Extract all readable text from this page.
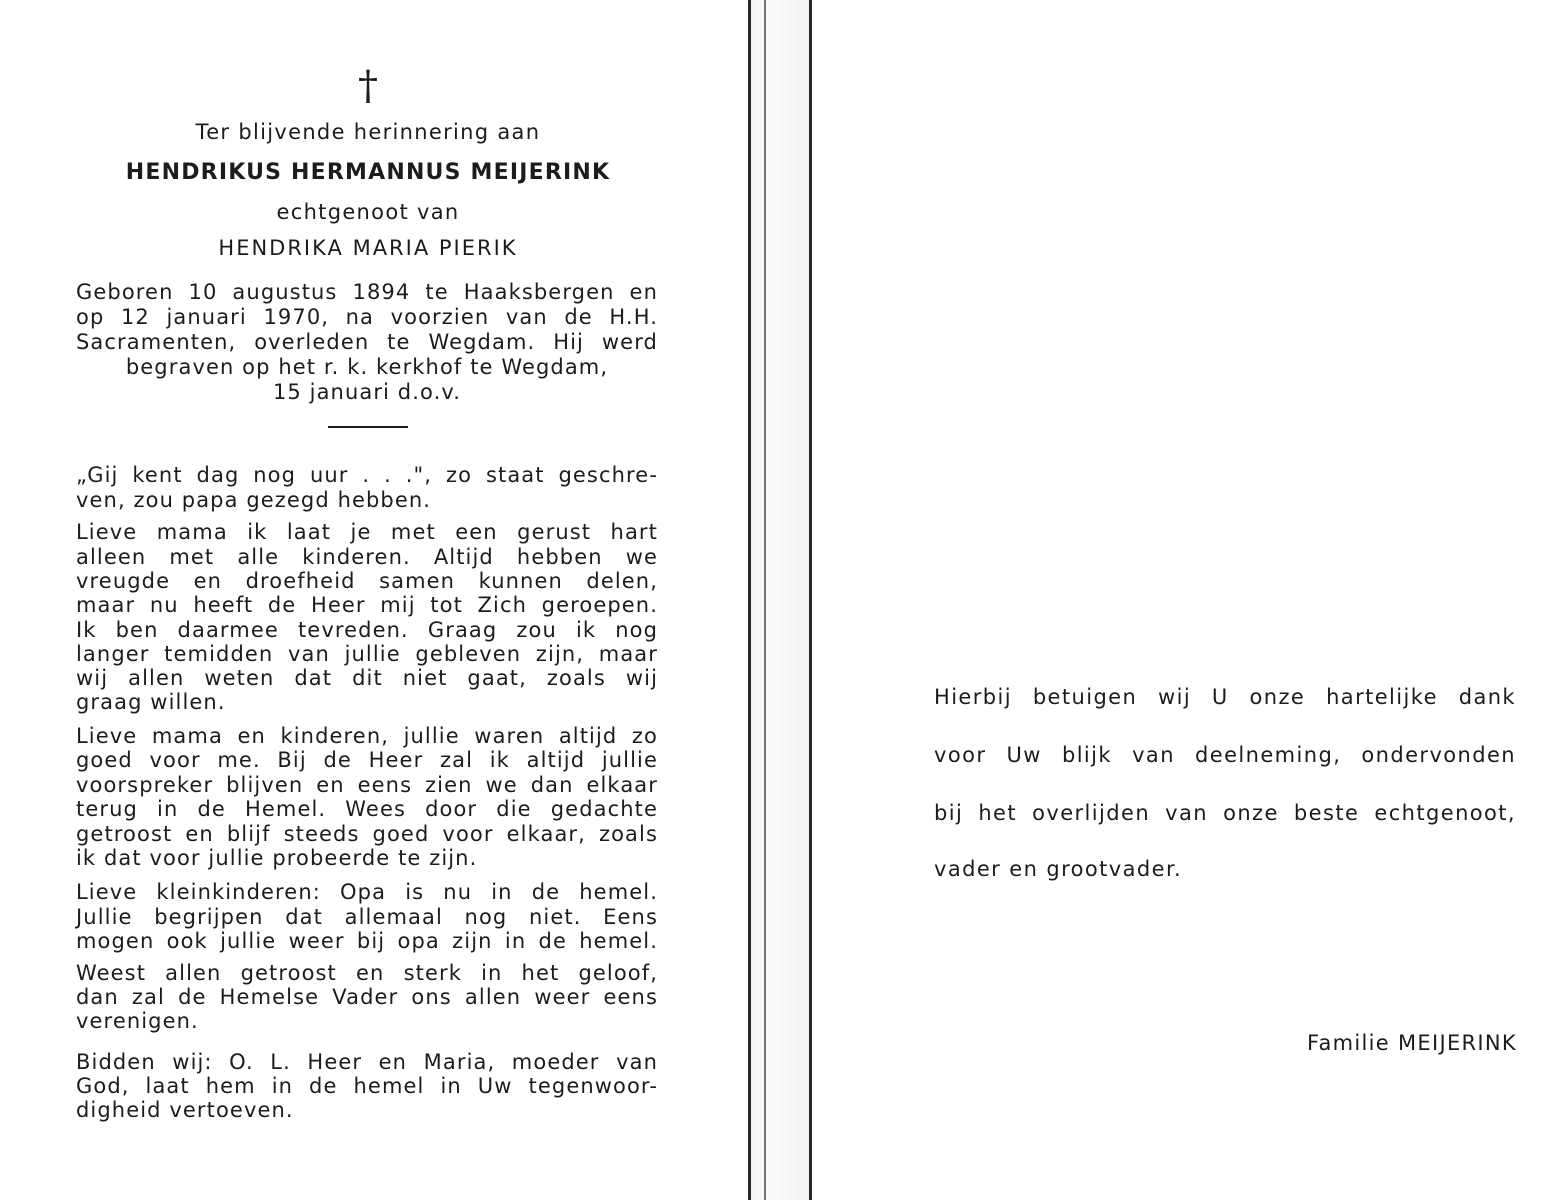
†
Ter blijvende herinnering aan
HENDRIKUS HERMANNUS MEIJERINK
echtgenoot van
HENDRIKA MARIA PIERIK
Geboren 10 augustus 1894 te Haaksbergen en
op 12 januari 1970, na voorzien van de H.H.
Sacramenten, overleden te Wegdam. Hij werd
begraven op het r. k. kerkhof te Wegdam,
15 januari d.o.v.
„Gij kent dag nog uur . . .", zo staat geschre-
ven, zou papa gezegd hebben.
Lieve mama ik laat je met een gerust hart
alleen met alle kinderen. Altijd hebben we
vreugde en droefheid samen kunnen delen,
maar nu heeft de Heer mij tot Zich geroepen.
Ik ben daarmee tevreden. Graag zou ik nog
langer temidden van jullie gebleven zijn, maar
wij allen weten dat dit niet gaat, zoals wij
graag willen.
Lieve mama en kinderen, jullie waren altijd zo
goed voor me. Bij de Heer zal ik altijd jullie
voorspreker blijven en eens zien we dan elkaar
terug in de Hemel. Wees door die gedachte
getroost en blijf steeds goed voor elkaar, zoals
ik dat voor jullie probeerde te zijn.
Lieve kleinkinderen: Opa is nu in de hemel.
Jullie begrijpen dat allemaal nog niet. Eens
mogen ook jullie weer bij opa zijn in de hemel.
Weest allen getroost en sterk in het geloof,
dan zal de Hemelse Vader ons allen weer eens
verenigen.
Bidden wij: O. L. Heer en Maria, moeder van
God, laat hem in de hemel in Uw tegenwoor-
digheid vertoeven.
Hierbij betuigen wij U onze hartelijke dank
voor Uw blijk van deelneming, ondervonden
bij het overlijden van onze beste echtgenoot,
vader en grootvader.
Familie MEIJERINK
